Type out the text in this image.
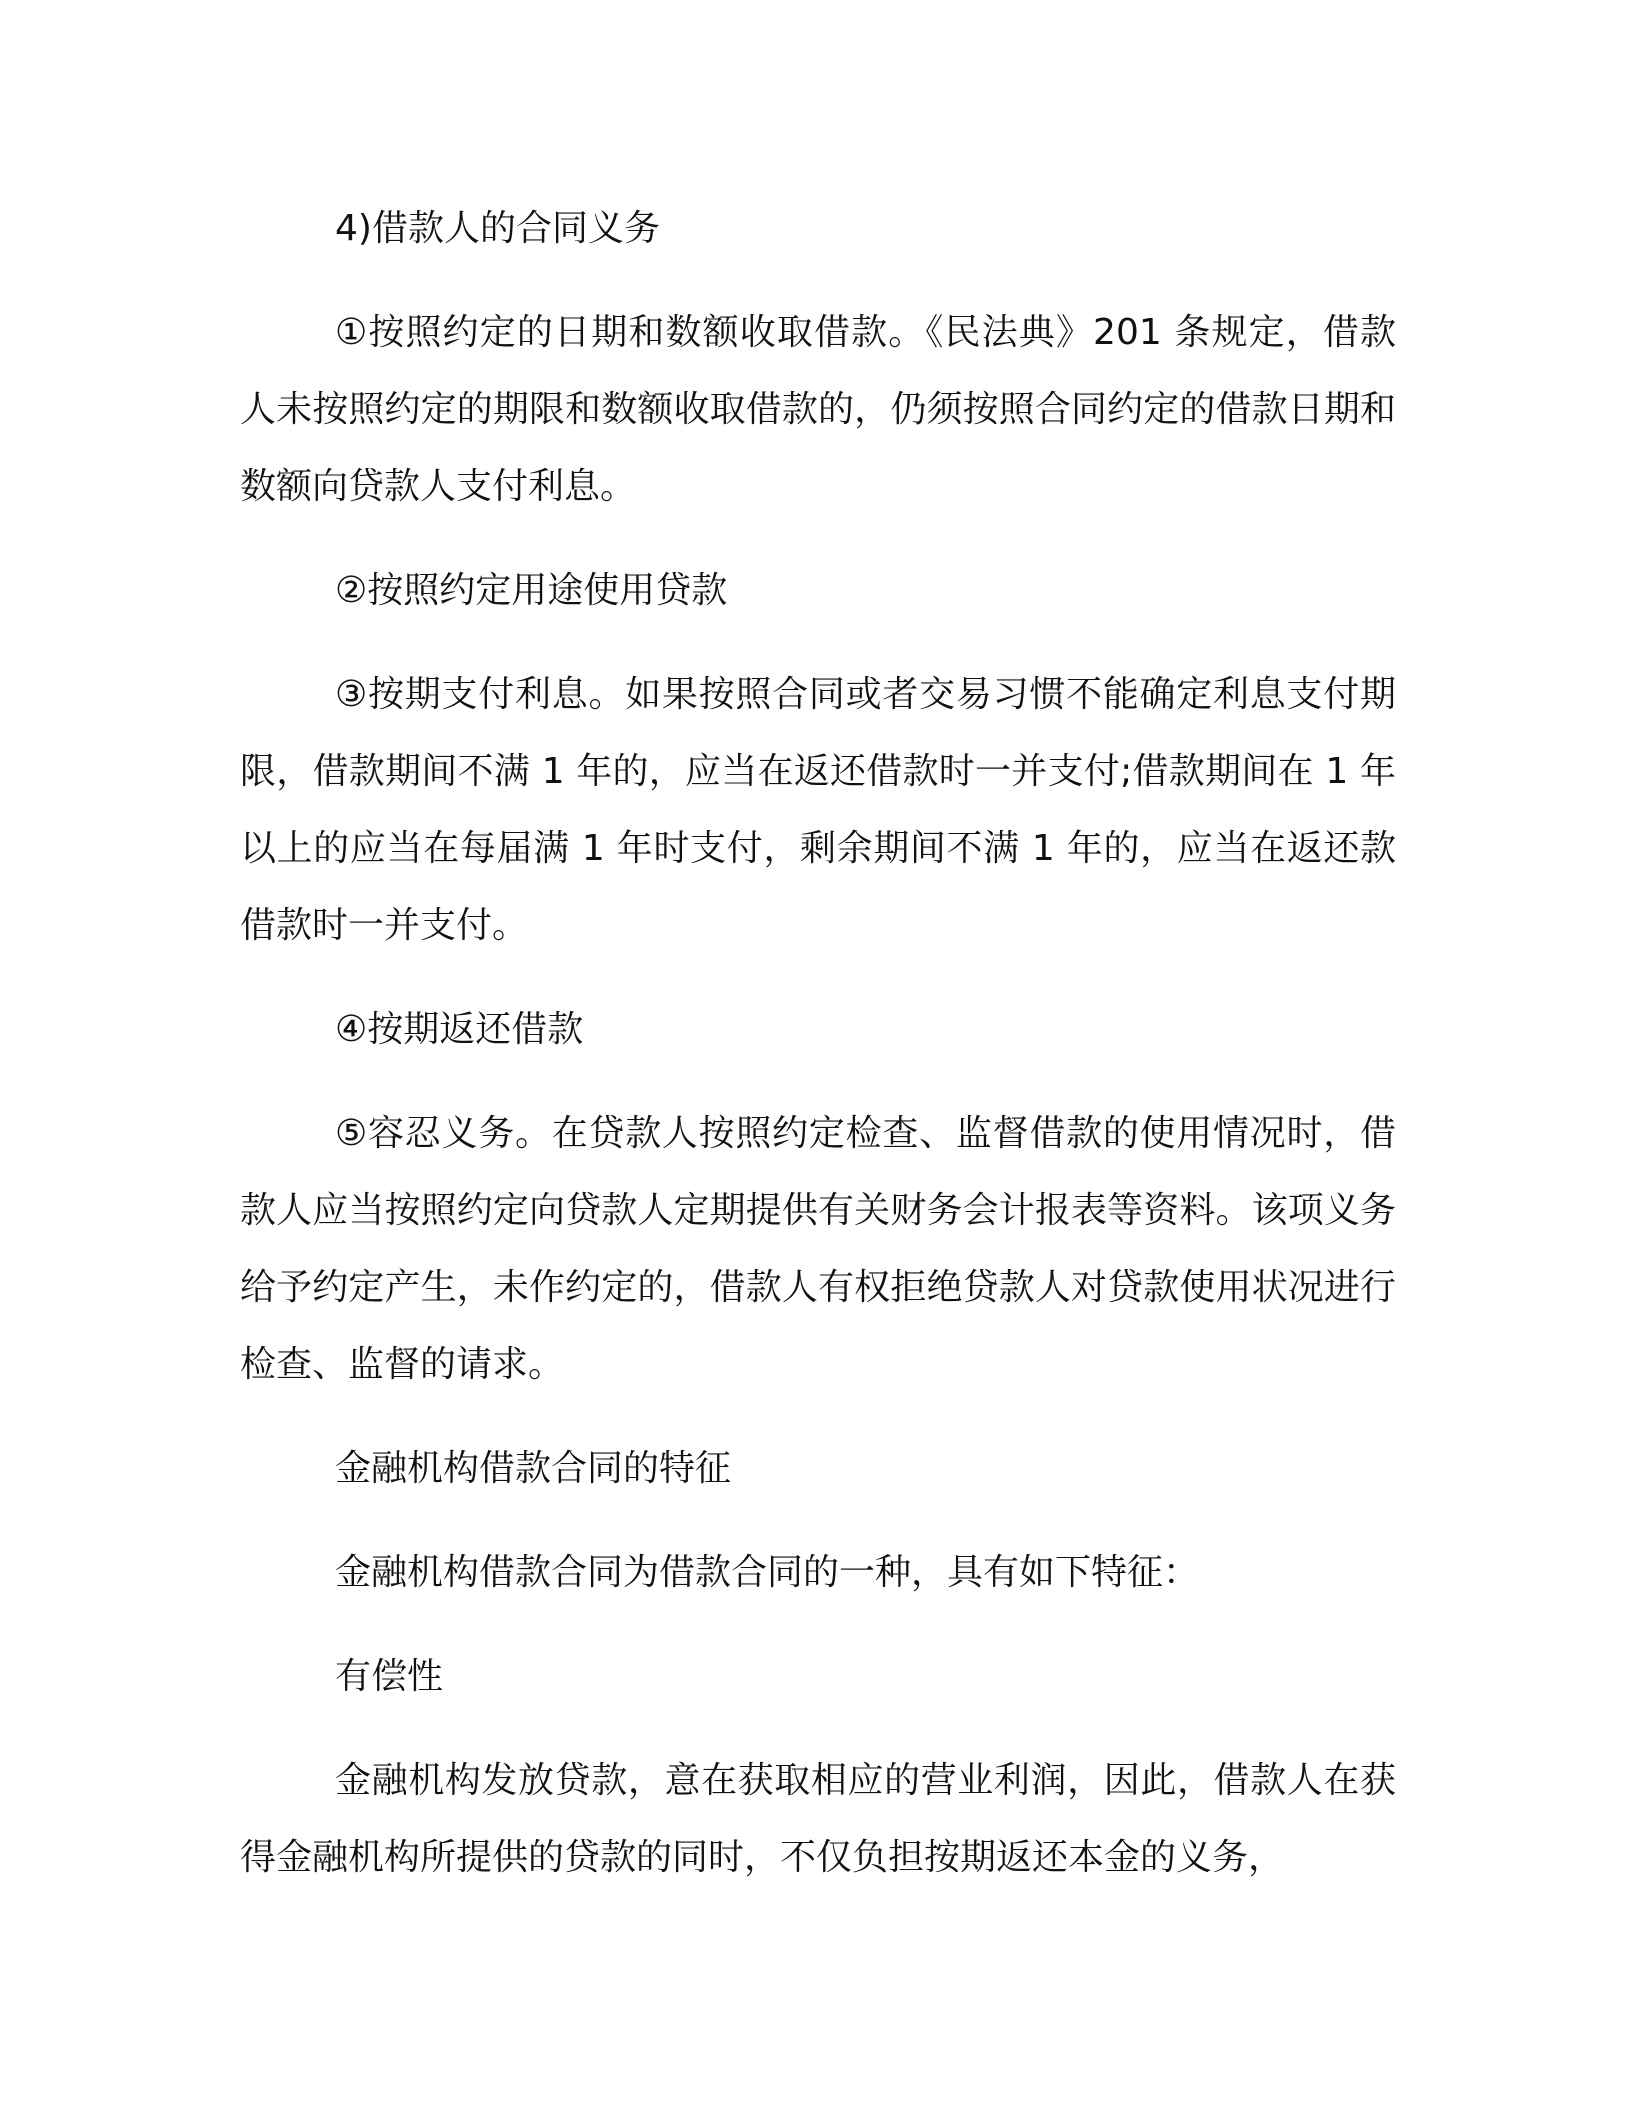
4)借款人的合同义务

①按照约定的日期和数额收取借款。《民法典》201 条规定，借款人未按照约定的期限和数额收取借款的，仍须按照合同约定的借款日期和数额向贷款人支付利息。

②按照约定用途使用贷款

③按期支付利息。如果按照合同或者交易习惯不能确定利息支付期限，借款期间不满 1 年的，应当在返还借款时一并支付;借款期间在 1 年以上的应当在每届满 1 年时支付，剩余期间不满 1 年的，应当在返还款借款时一并支付。

④按期返还借款

⑤容忍义务。在贷款人按照约定检查、监督借款的使用情况时，借款人应当按照约定向贷款人定期提供有关财务会计报表等资料。该项义务给予约定产生，未作约定的，借款人有权拒绝贷款人对贷款使用状况进行检查、监督的请求。

金融机构借款合同的特征

金融机构借款合同为借款合同的一种，具有如下特征：

有偿性

金融机构发放贷款，意在获取相应的营业利润，因此，借款人在获得金融机构所提供的贷款的同时，不仅负担按期返还本金的义务，
